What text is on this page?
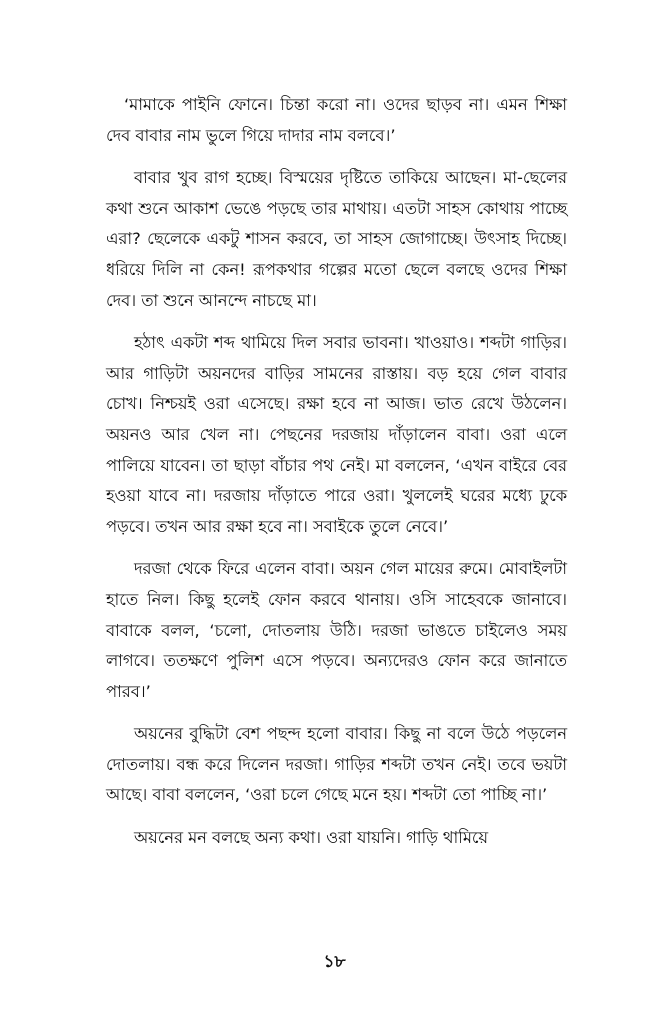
‘মামাকে পাইনি ফোনে। চিন্তা করো না। ওদের ছাড়ব না। এমন শিক্ষা দেব বাবার নাম ভুলে গিয়ে দাদার নাম বলবে।’

বাবার খুব রাগ হচ্ছে। বিস্ময়ের দৃষ্টিতে তাকিয়ে আছেন। মা-ছেলের কথা শুনে আকাশ ভেঙে পড়ছে তার মাথায়। এতটা সাহস কোথায় পাচ্ছে এরা? ছেলেকে একটু শাসন করবে, তা সাহস জোগাচ্ছে। উৎসাহ দিচ্ছে। ধরিয়ে দিলি না কেন! রূপকথার গল্পের মতো ছেলে বলছে ওদের শিক্ষা দেব। তা শুনে আনন্দে নাচছে মা।

হঠাৎ একটা শব্দ থামিয়ে দিল সবার ভাবনা। খাওয়াও। শব্দটা গাড়ির। আর গাড়িটা অয়নদের বাড়ির সামনের রাস্তায়। বড় হয়ে গেল বাবার চোখ। নিশ্চয়ই ওরা এসেছে। রক্ষা হবে না আজ। ভাত রেখে উঠলেন। অয়নও আর খেল না। পেছনের দরজায় দাঁড়ালেন বাবা। ওরা এলে পালিয়ে যাবেন। তা ছাড়া বাঁচার পথ নেই। মা বললেন, ‘এখন বাইরে বের হওয়া যাবে না। দরজায় দাঁড়াতে পারে ওরা। খুললেই ঘরের মধ্যে ঢুকে পড়বে। তখন আর রক্ষা হবে না। সবাইকে তুলে নেবে।’

দরজা থেকে ফিরে এলেন বাবা। অয়ন গেল মায়ের রুমে। মোবাইলটা হাতে নিল। কিছু হলেই ফোন করবে থানায়। ওসি সাহেবকে জানাবে। বাবাকে বলল, ‘চলো, দোতলায় উঠি। দরজা ভাঙতে চাইলেও সময় লাগবে। ততক্ষণে পুলিশ এসে পড়বে। অন্যদেরও ফোন করে জানাতে পারব।’

অয়নের বুদ্ধিটা বেশ পছন্দ হলো বাবার। কিছু না বলে উঠে পড়লেন দোতলায়। বন্ধ করে দিলেন দরজা। গাড়ির শব্দটা তখন নেই। তবে ভয়টা আছে। বাবা বললেন, ‘ওরা চলে গেছে মনে হয়। শব্দটা তো পাচ্ছি না।’

অয়নের মন বলছে অন্য কথা। ওরা যায়নি। গাড়ি থামিয়ে

১৮
